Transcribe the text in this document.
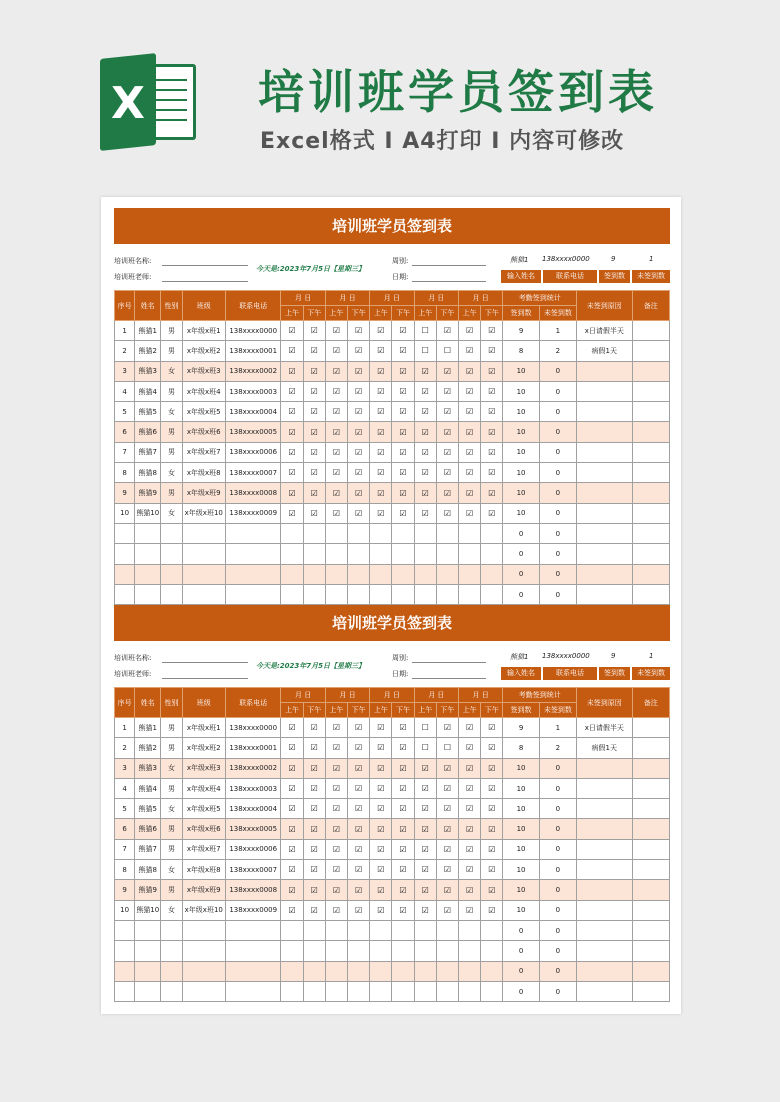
X 培训班学员签到表
Excel格式 I A4打印 I 内容可修改
培训班学员签到表
培训班名称:
培训班老师:
今天是:2023年7月5日【星期三】
周别:
日期:
熊猫1 138xxxx0000	9	1
输入姓名	联系电话	签到数	未签到数
序号	姓名	性别	班级	联系电话	月 日		月 日		月 日		月 日		月 日		考勤签到统计		未签到原因	备注
					上午	下午	上午	下午	上午	下午	上午	下午	上午	下午	签到数	未签到数		
1	熊猫1	男	x年级x班1	138xxxx0000	☑	☑	☑	☑	☑	☑	☐	☑	☑	☑	9	1	x日请假半天	
2	熊猫2	男	x年级x班2	138xxxx0001	☑	☑	☑	☑	☑	☑	☐	☐	☑	☑	8	2	病假1天	
3	熊猫3	女	x年级x班3	138xxxx0002	☑	☑	☑	☑	☑	☑	☑	☑	☑	☑	10	0		
4	熊猫4	男	x年级x班4	138xxxx0003	☑	☑	☑	☑	☑	☑	☑	☑	☑	☑	10	0		
5	熊猫5	女	x年级x班5	138xxxx0004	☑	☑	☑	☑	☑	☑	☑	☑	☑	☑	10	0		
6	熊猫6	男	x年级x班6	138xxxx0005	☑	☑	☑	☑	☑	☑	☑	☑	☑	☑	10	0		
7	熊猫7	男	x年级x班7	138xxxx0006	☑	☑	☑	☑	☑	☑	☑	☑	☑	☑	10	0		
8	熊猫8	女	x年级x班8	138xxxx0007	☑	☑	☑	☑	☑	☑	☑	☑	☑	☑	10	0		
9	熊猫9	男	x年级x班9	138xxxx0008	☑	☑	☑	☑	☑	☑	☑	☑	☑	☑	10	0		
10	熊猫10	女	x年级x班10	138xxxx0009	☑	☑	☑	☑	☑	☑	☑	☑	☑	☑	10	0		
															0	0		
															0	0		
															0	0		
															0	0		
培训班学员签到表
培训班名称:
培训班老师:
今天是:2023年7月5日【星期三】
周别:
日期:
熊猫1 138xxxx0000	9	1
输入姓名	联系电话	签到数	未签到数
序号	姓名	性别	班级	联系电话	月 日		月 日		月 日		月 日		月 日		考勤签到统计		未签到原因	备注
					上午	下午	上午	下午	上午	下午	上午	下午	上午	下午	签到数	未签到数		
1	熊猫1	男	x年级x班1	138xxxx0000	☑	☑	☑	☑	☑	☑	☐	☑	☑	☑	9	1	x日请假半天	
2	熊猫2	男	x年级x班2	138xxxx0001	☑	☑	☑	☑	☑	☑	☐	☐	☑	☑	8	2	病假1天	
3	熊猫3	女	x年级x班3	138xxxx0002	☑	☑	☑	☑	☑	☑	☑	☑	☑	☑	10	0		
4	熊猫4	男	x年级x班4	138xxxx0003	☑	☑	☑	☑	☑	☑	☑	☑	☑	☑	10	0		
5	熊猫5	女	x年级x班5	138xxxx0004	☑	☑	☑	☑	☑	☑	☑	☑	☑	☑	10	0		
6	熊猫6	男	x年级x班6	138xxxx0005	☑	☑	☑	☑	☑	☑	☑	☑	☑	☑	10	0		
7	熊猫7	男	x年级x班7	138xxxx0006	☑	☑	☑	☑	☑	☑	☑	☑	☑	☑	10	0		
8	熊猫8	女	x年级x班8	138xxxx0007	☑	☑	☑	☑	☑	☑	☑	☑	☑	☑	10	0		
9	熊猫9	男	x年级x班9	138xxxx0008	☑	☑	☑	☑	☑	☑	☑	☑	☑	☑	10	0		
10	熊猫10	女	x年级x班10	138xxxx0009	☑	☑	☑	☑	☑	☑	☑	☑	☑	☑	10	0		
															0	0		
															0	0		
															0	0		
															0	0		
